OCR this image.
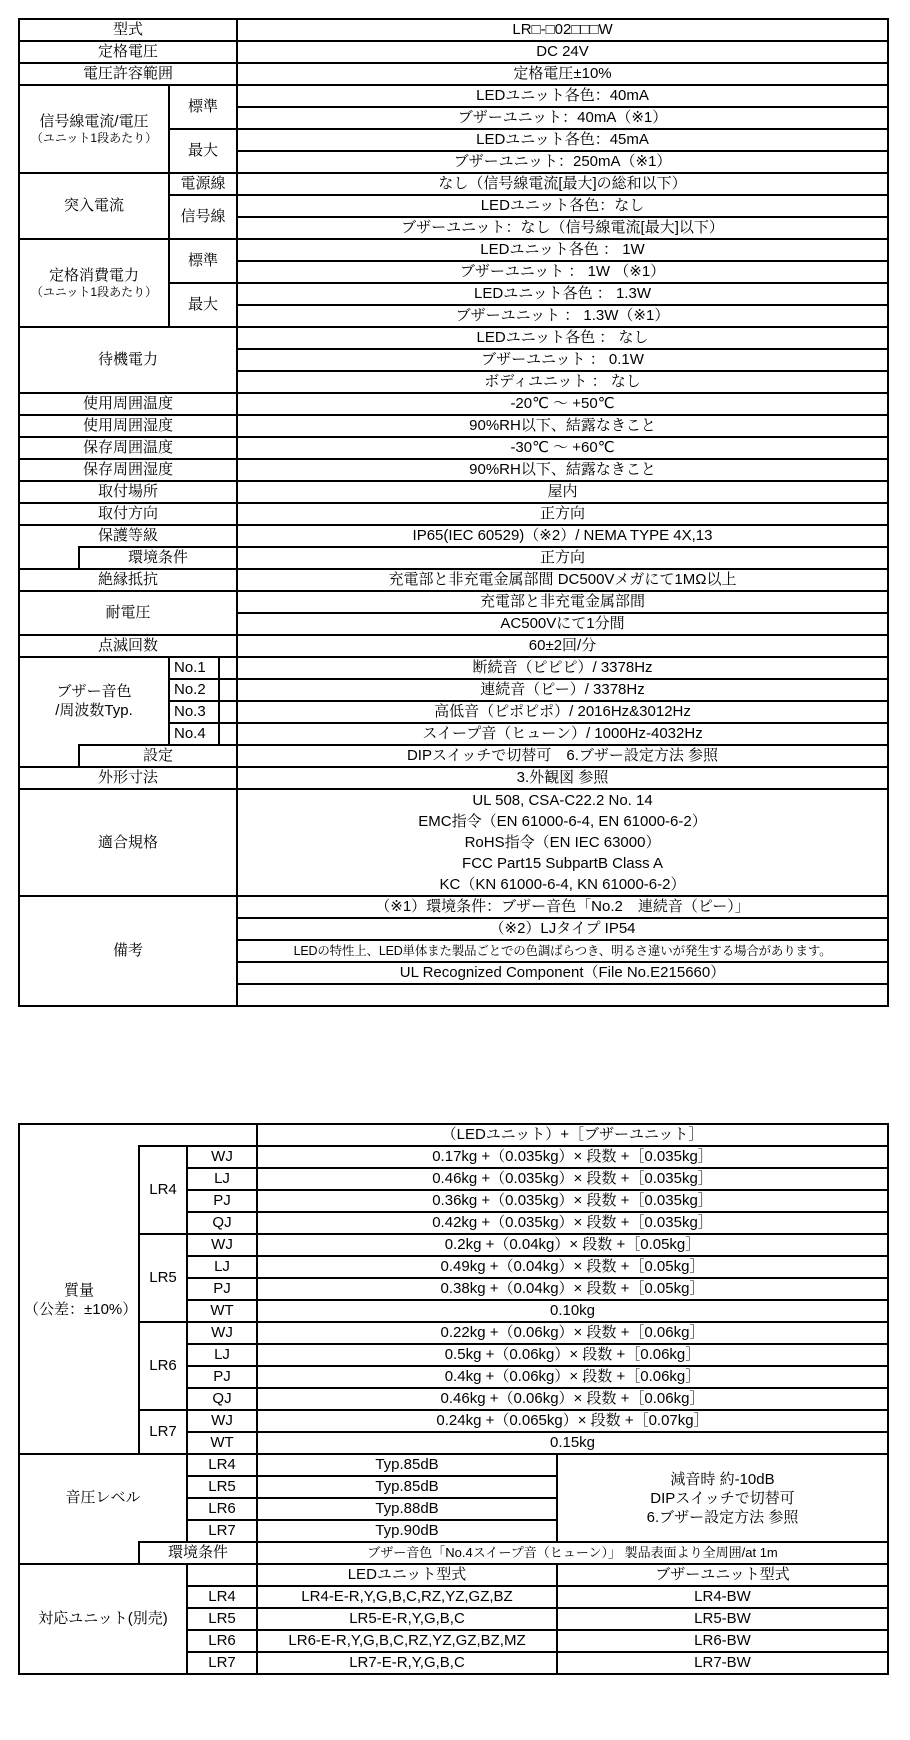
型式			LR□-□02□□□W
定格電圧			DC 24V
電圧許容範囲			定格電圧±10%
信号線電流/電圧
（ユニット1段あたり）		標準	LEDユニット各色：40mA
			ブザーユニット：40mA（※1）
		最大	LEDユニット各色：45mA
			ブザーユニット：250mA（※1）
突入電流		電源線	なし（信号線電流[最大]の総和以下）
		信号線	LEDユニット各色：なし
			ブザーユニット：なし（信号線電流[最大]以下）
定格消費電力
（ユニット1段あたり）		標準	LEDユニット各色 ： 1W
			ブザーユニット ： 1W （※1）
		最大	LEDユニット各色 ： 1.3W
			ブザーユニット ： 1.3W（※1）
待機電力			LEDユニット各色 ： なし
			ブザーユニット ： 0.1W
			ボディユニット ： なし
使用周囲温度			-20℃ ～ +50℃
使用周囲湿度			90%RH以下、結露なきこと
保存周囲温度			-30℃ ～ +60℃
保存周囲湿度			90%RH以下、結露なきこと
取付場所			屋内
取付方向			正方向
保護等級			IP65(IEC 60529)（※2）/ NEMA TYPE 4X,13
	環境条件		正方向
絶縁抵抗			充電部と非充電金属部間 DC500Vメガにて1MΩ以上
耐電圧			充電部と非充電金属部間
			AC500Vにて1分間
点滅回数			60±2回/分
ブザー音色
/周波数Typ.		No.1	断続音（ピピピ）/ 3378Hz

		No.2	連続音（ピー）/ 3378Hz

		No.3	高低音（ピポピポ）/ 2016Hz&3012Hz

		No.4	スイープ音（ヒューン）/ 1000Hz-4032Hz
	設定		DIPスイッチで切替可　6.ブザー設定方法 参照
外形寸法			3.外観図 参照
適合規格			UL 508, CSA-C22.2 No. 14
			EMC指令（EN 61000-6-4, EN 61000-6-2）
			RoHS指令（EN IEC 63000）
			FCC Part15 SubpartB Class A
			KC（KN 61000-6-4, KN 61000-6-2）
備考			（※1）環境条件：ブザー音色「No.2　連続音（ピー）」
			（※2）LJタイプ IP54
			LEDの特性上、LED単体また製品ごとでの色調ばらつき、明るさ違いが発生する場合があります。
			UL Recognized Component（File No.E215660）

			（LEDユニット）+［ブザーユニット］	
質量
（公差：±10%）	LR4	WJ	0.17kg +（0.035kg）× 段数 +［0.035kg］	
		LJ	0.46kg +（0.035kg）× 段数 +［0.035kg］	
		PJ	0.36kg +（0.035kg）× 段数 +［0.035kg］	
		QJ	0.42kg +（0.035kg）× 段数 +［0.035kg］	
	LR5	WJ	0.2kg +（0.04kg）× 段数 +［0.05kg］	
		LJ	0.49kg +（0.04kg）× 段数 +［0.05kg］	
		PJ	0.38kg +（0.04kg）× 段数 +［0.05kg］	
		WT	0.10kg	
	LR6	WJ	0.22kg +（0.06kg）× 段数 +［0.06kg］	
		LJ	0.5kg +（0.06kg）× 段数 +［0.06kg］	
		PJ	0.4kg +（0.06kg）× 段数 +［0.06kg］	
		QJ	0.46kg +（0.06kg）× 段数 +［0.06kg］	
	LR7	WJ	0.24kg +（0.065kg）× 段数 +［0.07kg］	
		WT	0.15kg	
音圧レベル		LR4	Typ.85dB	減音時 約-10dB
DIPスイッチで切替可
6.ブザー設定方法 参照
		LR5	Typ.85dB	
		LR6	Typ.88dB	
		LR7	Typ.90dB	
	環境条件		ブザー音色「No.4スイープ音（ヒューン）」 製品表面より全周囲/at 1m	
対応ユニット(別売)			LEDユニット型式	ブザーユニット型式
		LR4	LR4-E-R,Y,G,B,C,RZ,YZ,GZ,BZ	LR4-BW
		LR5	LR5-E-R,Y,G,B,C	LR5-BW
		LR6	LR6-E-R,Y,G,B,C,RZ,YZ,GZ,BZ,MZ	LR6-BW
		LR7	LR7-E-R,Y,G,B,C	LR7-BW
